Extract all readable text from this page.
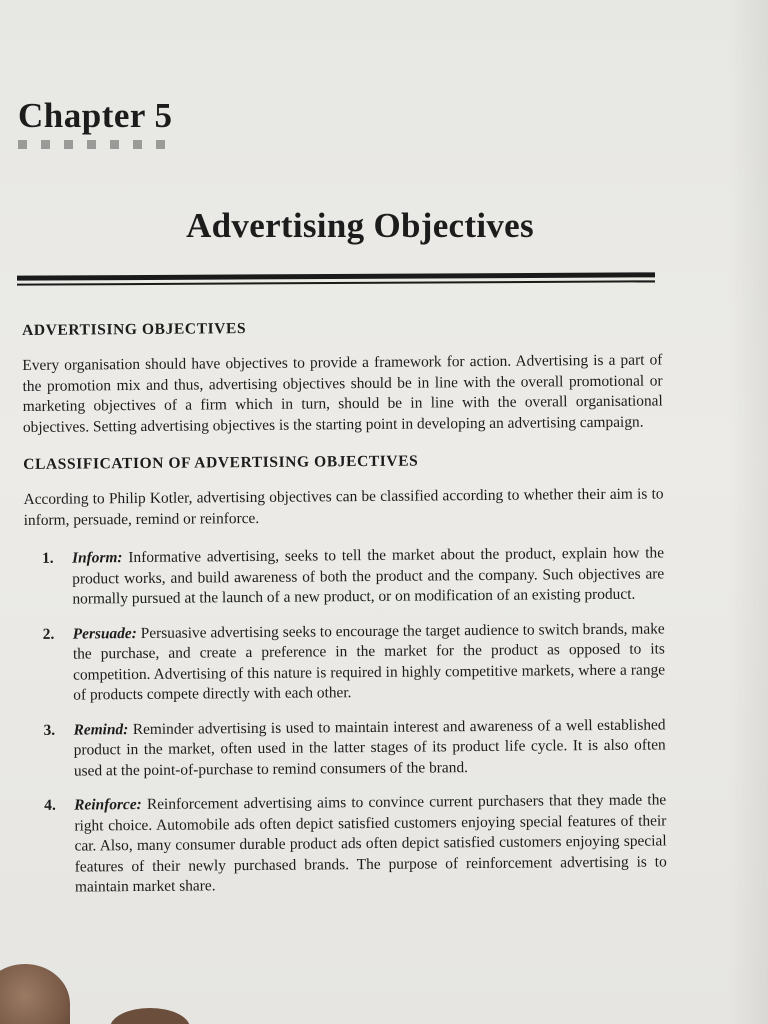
Chapter 5
Advertising Objectives
ADVERTISING OBJECTIVES

Every organisation should have objectives to provide a framework for action. Advertising is a part of the promotion mix and thus, advertising objectives should be in line with the overall promotional or marketing objectives of a firm which in turn, should be in line with the overall organisational objectives. Setting advertising objectives is the starting point in developing an advertising campaign.

CLASSIFICATION OF ADVERTISING OBJECTIVES

According to Philip Kotler, advertising objectives can be classified according to whether their aim is to inform, persuade, remind or reinforce.

1.	Inform: Informative advertising, seeks to tell the market about the product, explain how the product works, and build awareness of both the product and the company. Such objectives are normally pursued at the launch of a new product, or on modification of an existing product.
2.	Persuade: Persuasive advertising seeks to encourage the target audience to switch brands, make the purchase, and create a preference in the market for the product as opposed to its competition. Advertising of this nature is required in highly competitive markets, where a range of products compete directly with each other.
3.	Remind: Reminder advertising is used to maintain interest and awareness of a well established product in the market, often used in the latter stages of its product life cycle. It is also often used at the point-of-purchase to remind consumers of the brand.
4.	Reinforce: Reinforcement advertising aims to convince current purchasers that they made the right choice. Automobile ads often depict satisfied customers enjoying special features of their car. Also, many consumer durable product ads often depict satisfied customers enjoying special features of their newly purchased brands. The purpose of reinforcement advertising is to maintain market share.
